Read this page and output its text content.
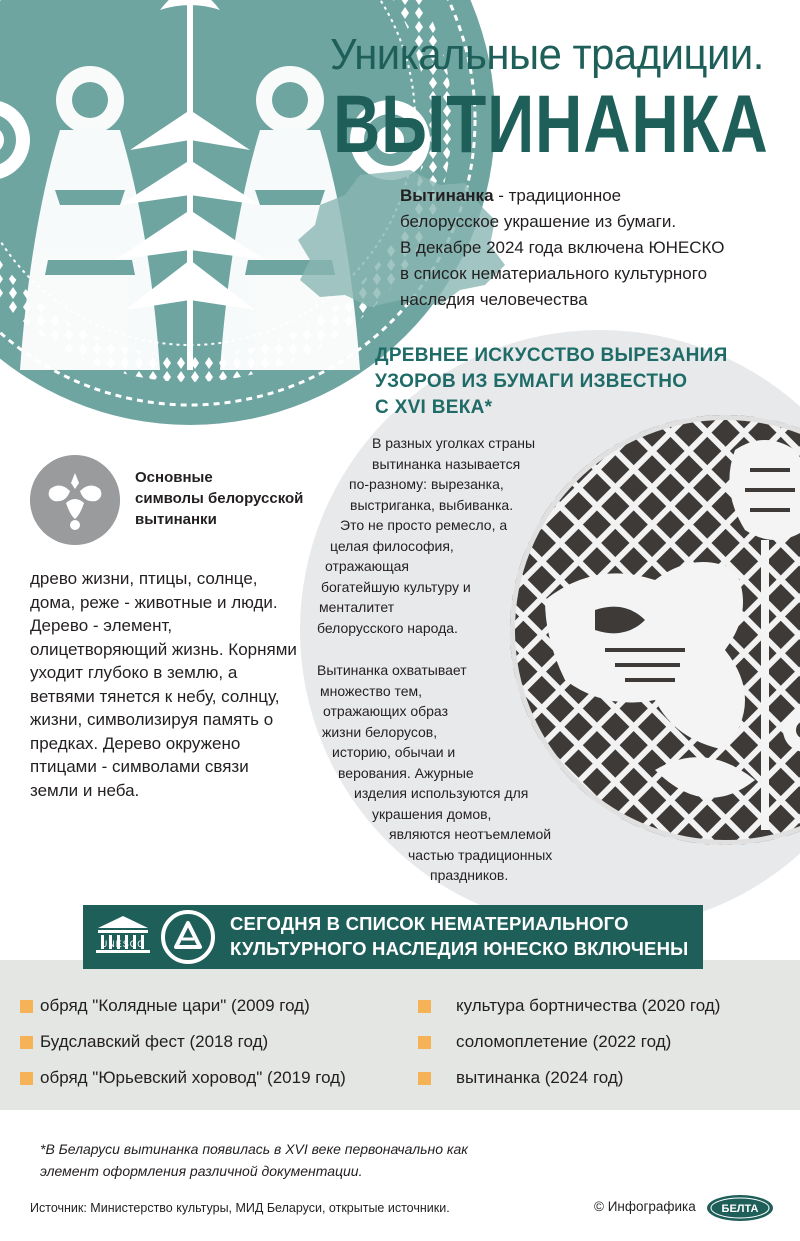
Уникальные традиции.
ВЫТИНАНКА
Вытинанка - традиционное
белорусское украшение из бумаги.
В декабре 2024 года включена ЮНЕСКО
в список нематериального культурного
наследия человечества
ДРЕВНЕЕ ИСКУССТВО ВЫРЕЗАНИЯ
УЗОРОВ ИЗ БУМАГИ ИЗВЕСТНО
С XVI ВЕКА*
В разных уголках страны
вытинанка называется
по-разному: вырезанка,
выстриганка, выбиванка.
Это не просто ремесло, а
целая философия,
отражающая
богатейшую культуру и
менталитет
белорусского народа.
Вытинанка охватывает
множество тем,
отражающих образ
жизни белорусов,
историю, обычаи и
верования. Ажурные
изделия используются для
украшения домов,
являются неотъемлемой
частью традиционных
праздников.
Основные
символы белорусской
вытинанки
древо жизни, птицы, солнце, дома, реже - животные и люди. Дерево - элемент, олицетворяющий жизнь. Корнями уходит глубоко в землю, а ветвями тянется к небу, солнцу, жизни, символизируя память о предках. Дерево окружено птицами - символами связи земли и неба.
UNESCO
СЕГОДНЯ В СПИСОК НЕМАТЕРИАЛЬНОГО
КУЛЬТУРНОГО НАСЛЕДИЯ ЮНЕСКО ВКЛЮЧЕНЫ
обряд "Колядные цари" (2009 год)
Будславский фест (2018 год)
обряд "Юрьевский хоровод" (2019 год)
культура бортничества (2020 год)
соломоплетение (2022 год)
вытинанка (2024 год)
*В Беларуси вытинанка появилась в XVI веке первоначально как
элемент оформления различной документации.
Источник: Министерство культуры, МИД Беларуси, открытые источники.	© Инфографика БЕЛТА
